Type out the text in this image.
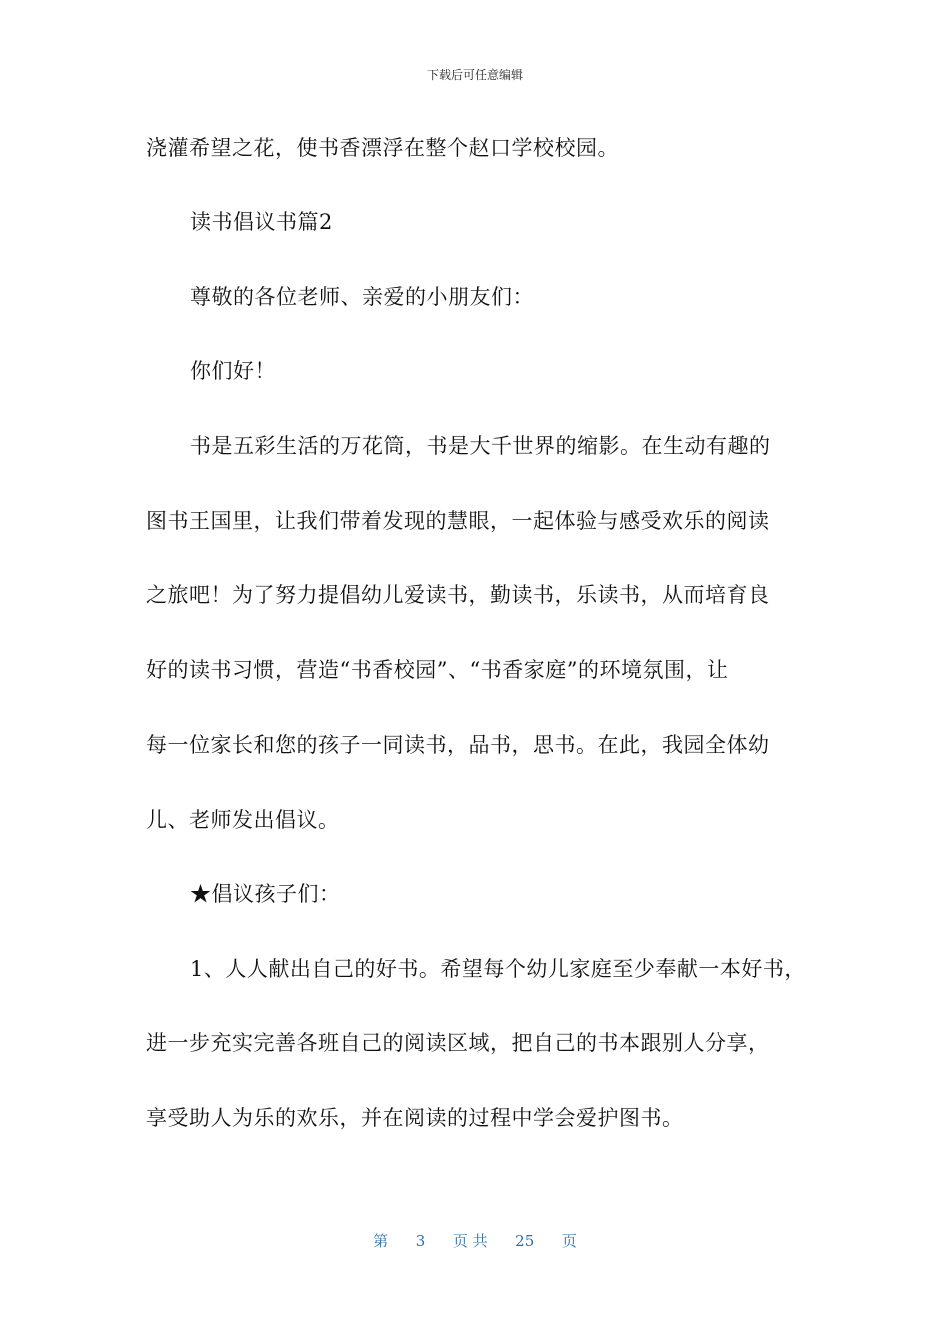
下载后可任意编辑
浇灌希望之花，使书香漂浮在整个赵口学校校园。
读书倡议书篇2
尊敬的各位老师、亲爱的小朋友们：
你们好！
书是五彩生活的万花筒，书是大千世界的缩影。在生动有趣的
图书王国里，让我们带着发现的慧眼，一起体验与感受欢乐的阅读
之旅吧！为了努力提倡幼儿爱读书，勤读书，乐读书，从而培育良
好的读书习惯，营造“书香校园”、“书香家庭”的环境氛围，让
每一位家长和您的孩子一同读书，品书，思书。在此，我园全体幼
儿、老师发出倡议。
★倡议孩子们：
1、人人献出自己的好书。希望每个幼儿家庭至少奉献一本好书，
进一步充实完善各班自己的阅读区域，把自己的书本跟别人分享，
享受助人为乐的欢乐，并在阅读的过程中学会爱护图书。
第 3 页 共 25 页
